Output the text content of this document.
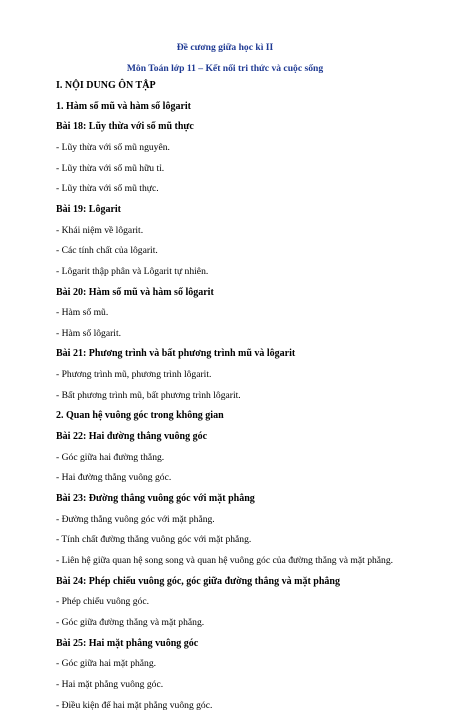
Đề cương giữa học kì II
Môn Toán lớp 11 – Kết nối tri thức và cuộc sống
I. NỘI DUNG ÔN TẬP
1. Hàm số mũ và hàm số lôgarit
Bài 18: Lũy thừa với số mũ thực
- Lũy thừa với số mũ nguyên.
- Lũy thừa với số mũ hữu tỉ.
- Lũy thừa với số mũ thực.
Bài 19: Lôgarit
- Khái niệm về lôgarit.
- Các tính chất của lôgarit.
- Lôgarit thập phân và Lôgarit tự nhiên.
Bài 20: Hàm số mũ và hàm số lôgarit
- Hàm số mũ.
- Hàm số lôgarit.
Bài 21: Phương trình và bất phương trình mũ và lôgarit
- Phương trình mũ, phương trình lôgarit.
- Bất phương trình mũ, bất phương trình lôgarit.
2. Quan hệ vuông góc trong không gian
Bài 22: Hai đường thẳng vuông góc
- Góc giữa hai đường thẳng.
- Hai đường thẳng vuông góc.
Bài 23: Đường thẳng vuông góc với mặt phẳng
- Đường thẳng vuông góc với mặt phẳng.
- Tính chất đường thẳng vuông góc với mặt phẳng.
- Liên hệ giữa quan hệ song song và quan hệ vuông góc của đường thẳng và mặt phẳng.
Bài 24: Phép chiếu vuông góc, góc giữa đường thẳng và mặt phẳng
- Phép chiếu vuông góc.
- Góc giữa đường thẳng và mặt phẳng.
Bài 25: Hai mặt phẳng vuông góc
- Góc giữa hai mặt phẳng.
- Hai mặt phẳng vuông góc.
- Điều kiện để hai mặt phẳng vuông góc.
